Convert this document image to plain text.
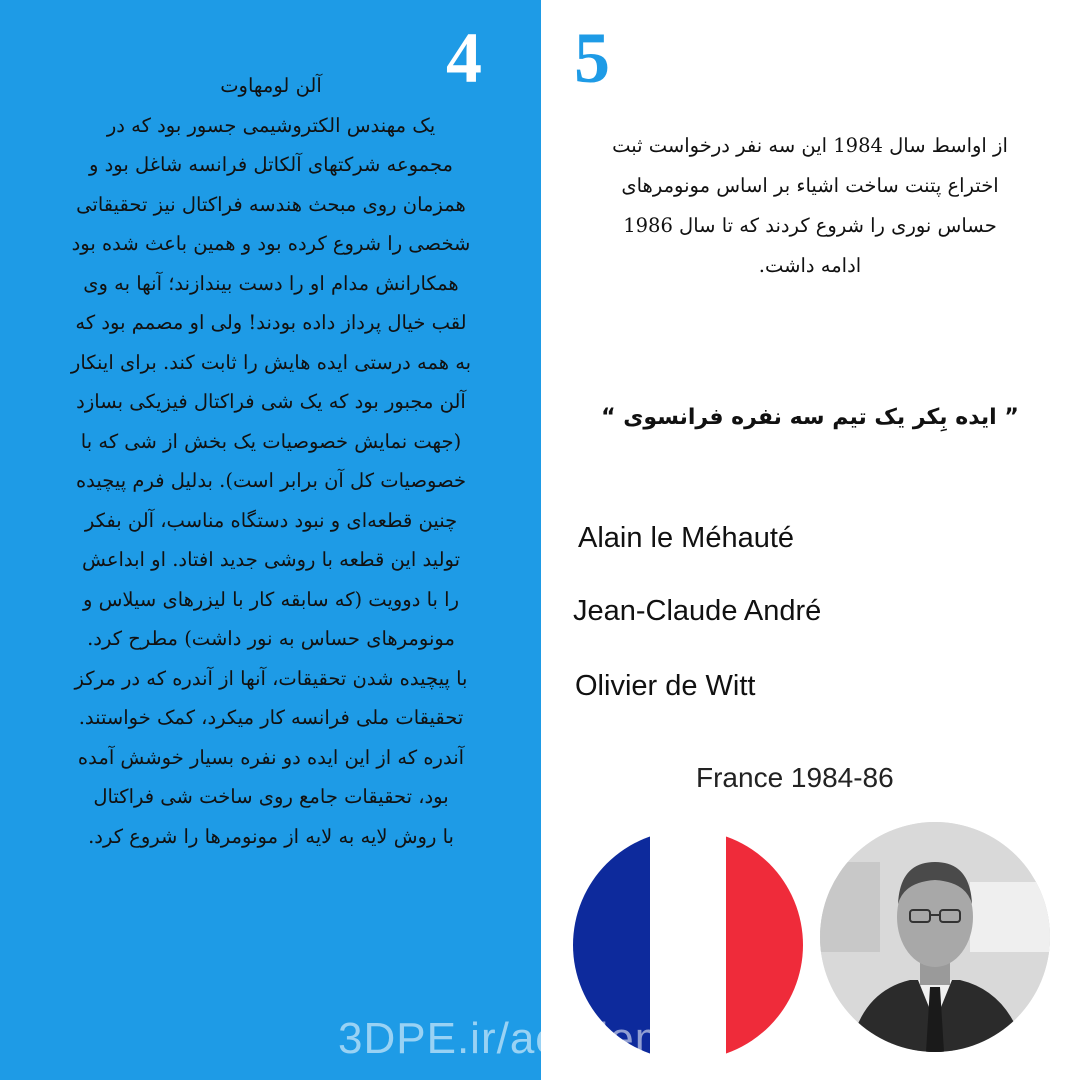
4 5
آلن لومهاوت
یک مهندس الکتروشیمی جسور بود که در
مجموعه شرکتهای آلکاتل فرانسه شاغل بود و
همزمان روی مبحث هندسه فراکتال نیز تحقیقاتی
شخصی را شروع کرده بود و همین باعث شده بود
همکارانش مدام او را دست بیندازند؛ آنها به وی
لقب خیال پرداز داده بودند! ولی او مصمم بود که
به همه درستی ایده هایش را ثابت کند. برای اینکار
آلن مجبور بود که یک شی فراکتال فیزیکی بسازد
(جهت نمایش خصوصیات یک بخش از شی که با
خصوصیات کل آن برابر است). بدلیل فرم پیچیده
چنین قطعه‌ای و نبود دستگاه مناسب، آلن بفکر
تولید این قطعه با روشی جدید افتاد. او ابداعش
را با دوویت (که سابقه کار با لیزرهای سیلاس و
مونومرهای حساس به نور داشت) مطرح کرد.
با پیچیده شدن تحقیقات، آنها از آندره که در مرکز
تحقیقات ملی فرانسه کار میکرد، کمک خواستند.
آندره که از این ایده دو نفره بسیار خوشش آمده
بود، تحقیقات جامع روی ساخت شی فراکتال
با روش لایه به لایه از مونومرها را شروع کرد.
از اواسط سال 1984 این سه نفر درخواست ثبت
اختراع پتنت ساخت اشیاء بر اساس مونومرهای
حساس نوری را شروع کردند که تا سال 1986
ادامه داشت.
” ایده بِکر یک تیم سه نفره فرانسوی “
Alain le Méhauté
Jean-Claude André
Olivier de Witt
France 1984-86
3DPE.ir/academy
